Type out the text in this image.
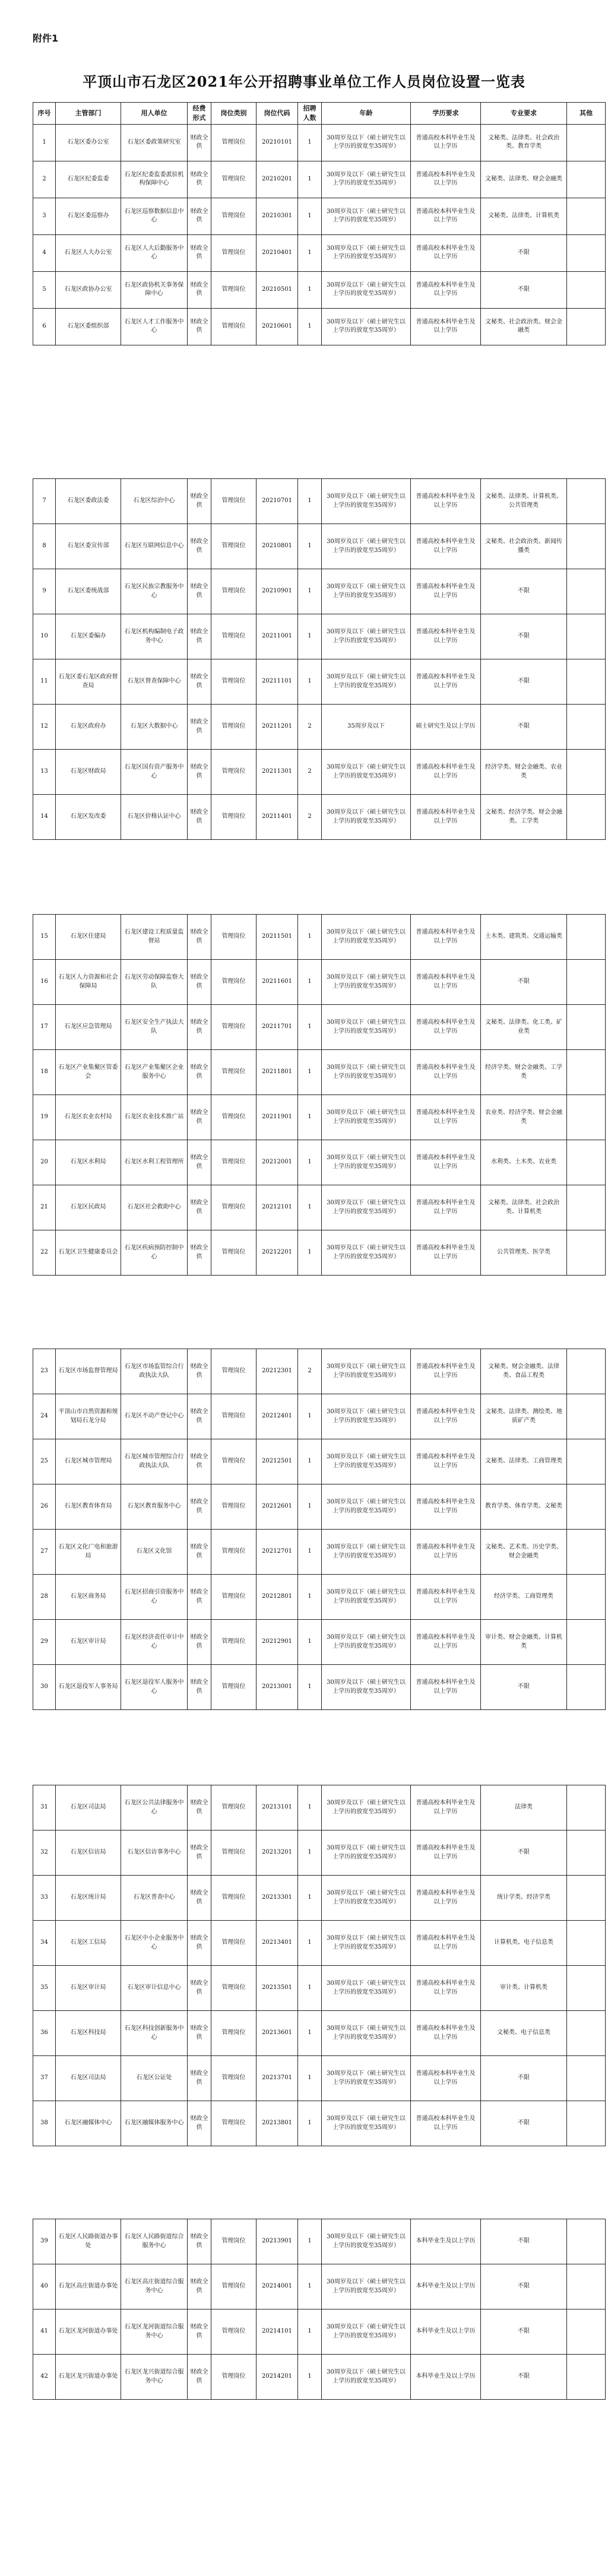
附件1
平顶山市石龙区2021年公开招聘事业单位工作人员岗位设置一览表
序号	主管部门	用人单位	经费形式	岗位类别	岗位代码	招聘人数	年龄	学历要求	专业要求	其他
1	石龙区委办公室	石龙区委政策研究室	财政全供	管理岗位	20210101	1	30周岁及以下（硕士研究生以上学历的放宽至35周岁）	普通高校本科毕业生及以上学历	文秘类、法律类、社会政治类、教育学类	
2	石龙区纪委监委	石龙区纪委监委派驻机构保障中心	财政全供	管理岗位	20210201	1	30周岁及以下（硕士研究生以上学历的放宽至35周岁）	普通高校本科毕业生及以上学历	文秘类、法律类、财会金融类	
3	石龙区委巡察办	石龙区巡察数据信息中心	财政全供	管理岗位	20210301	1	30周岁及以下（硕士研究生以上学历的放宽至35周岁）	普通高校本科毕业生及以上学历	文秘类、法律类、计算机类	
4	石龙区人大办公室	石龙区人大后勤服务中心	财政全供	管理岗位	20210401	1	30周岁及以下（硕士研究生以上学历的放宽至35周岁）	普通高校本科毕业生及以上学历	不限	
5	石龙区政协办公室	石龙区政协机关事务保障中心	财政全供	管理岗位	20210501	1	30周岁及以下（硕士研究生以上学历的放宽至35周岁）	普通高校本科毕业生及以上学历	不限	
6	石龙区委组织部	石龙区人才工作服务中心	财政全供	管理岗位	20210601	1	30周岁及以下（硕士研究生以上学历的放宽至35周岁）	普通高校本科毕业生及以上学历	文秘类、社会政治类、财会金融类	
7	石龙区委政法委	石龙区综治中心	财政全供	管理岗位	20210701	1	30周岁及以下（硕士研究生以上学历的放宽至35周岁）	普通高校本科毕业生及以上学历	文秘类、法律类、计算机类、公共管理类	
8	石龙区委宣传部	石龙区互联网信息中心	财政全供	管理岗位	20210801	1	30周岁及以下（硕士研究生以上学历的放宽至35周岁）	普通高校本科毕业生及以上学历	文秘类、社会政治类、新闻传播类	
9	石龙区委统战部	石龙区民族宗教服务中心	财政全供	管理岗位	20210901	1	30周岁及以下（硕士研究生以上学历的放宽至35周岁）	普通高校本科毕业生及以上学历	不限	
10	石龙区委编办	石龙区机构编制电子政务中心	财政全供	管理岗位	20211001	1	30周岁及以下（硕士研究生以上学历的放宽至35周岁）	普通高校本科毕业生及以上学历	不限	
11	石龙区委石龙区政府督查局	石龙区督查保障中心	财政全供	管理岗位	20211101	1	30周岁及以下（硕士研究生以上学历的放宽至35周岁）	普通高校本科毕业生及以上学历	不限	
12	石龙区政府办	石龙区大数据中心	财政全供	管理岗位	20211201	2	35周岁及以下	硕士研究生及以上学历	不限	
13	石龙区财政局	石龙区国有资产服务中心	财政全供	管理岗位	20211301	2	30周岁及以下（硕士研究生以上学历的放宽至35周岁）	普通高校本科毕业生及以上学历	经济学类、财会金融类、农业类	
14	石龙区发改委	石龙区价格认证中心	财政全供	管理岗位	20211401	2	30周岁及以下（硕士研究生以上学历的放宽至35周岁）	普通高校本科毕业生及以上学历	文秘类、经济学类、财会金融类、工学类	
15	石龙区住建局	石龙区建设工程质量监督站	财政全供	管理岗位	20211501	1	30周岁及以下（硕士研究生以上学历的放宽至35周岁）	普通高校本科毕业生及以上学历	土木类、建筑类、交通运输类	
16	石龙区人力资源和社会保障局	石龙区劳动保障监察大队	财政全供	管理岗位	20211601	1	30周岁及以下（硕士研究生以上学历的放宽至35周岁）	普通高校本科毕业生及以上学历	不限	
17	石龙区应急管理局	石龙区安全生产执法大队	财政全供	管理岗位	20211701	1	30周岁及以下（硕士研究生以上学历的放宽至35周岁）	普通高校本科毕业生及以上学历	文秘类、法律类、化工类、矿业类	
18	石龙区产业集聚区管委会	石龙区产业集聚区企业服务中心	财政全供	管理岗位	20211801	1	30周岁及以下（硕士研究生以上学历的放宽至35周岁）	普通高校本科毕业生及以上学历	经济学类、财会金融类、工学类	
19	石龙区农业农村局	石龙区农业技术推广站	财政全供	管理岗位	20211901	1	30周岁及以下（硕士研究生以上学历的放宽至35周岁）	普通高校本科毕业生及以上学历	农业类、经济学类、财会金融类	
20	石龙区水利局	石龙区水利工程管理所	财政全供	管理岗位	20212001	1	30周岁及以下（硕士研究生以上学历的放宽至35周岁）	普通高校本科毕业生及以上学历	水利类、土木类、农业类	
21	石龙区民政局	石龙区社会救助中心	财政全供	管理岗位	20212101	1	30周岁及以下（硕士研究生以上学历的放宽至35周岁）	普通高校本科毕业生及以上学历	文秘类、法律类、社会政治类、计算机类	
22	石龙区卫生健康委员会	石龙区疾病预防控制中心	财政全供	管理岗位	20212201	1	30周岁及以下（硕士研究生以上学历的放宽至35周岁）	普通高校本科毕业生及以上学历	公共管理类、医学类	
23	石龙区市场监督管理局	石龙区市场监管综合行政执法大队	财政全供	管理岗位	20212301	2	30周岁及以下（硕士研究生以上学历的放宽至35周岁）	普通高校本科毕业生及以上学历	文秘类、财会金融类、法律类、食品工程类	
24	平顶山市自然资源和规划局石龙分局	石龙区不动产登记中心	财政全供	管理岗位	20212401	1	30周岁及以下（硕士研究生以上学历的放宽至35周岁）	普通高校本科毕业生及以上学历	文秘类、法律类、测绘类、地质矿产类	
25	石龙区城市管理局	石龙区城市管理综合行政执法大队	财政全供	管理岗位	20212501	1	30周岁及以下（硕士研究生以上学历的放宽至35周岁）	普通高校本科毕业生及以上学历	文秘类、法律类、工商管理类	
26	石龙区教育体育局	石龙区教育服务中心	财政全供	管理岗位	20212601	1	30周岁及以下（硕士研究生以上学历的放宽至35周岁）	普通高校本科毕业生及以上学历	教育学类、体育学类、文秘类	
27	石龙区文化广电和旅游局	石龙区文化馆	财政全供	管理岗位	20212701	1	30周岁及以下（硕士研究生以上学历的放宽至35周岁）	普通高校本科毕业生及以上学历	文秘类、艺术类、历史学类、财会金融类	
28	石龙区商务局	石龙区招商引资服务中心	财政全供	管理岗位	20212801	1	30周岁及以下（硕士研究生以上学历的放宽至35周岁）	普通高校本科毕业生及以上学历	经济学类、工商管理类	
29	石龙区审计局	石龙区经济责任审计中心	财政全供	管理岗位	20212901	1	30周岁及以下（硕士研究生以上学历的放宽至35周岁）	普通高校本科毕业生及以上学历	审计类、财会金融类、计算机类	
30	石龙区退役军人事务局	石龙区退役军人服务中心	财政全供	管理岗位	20213001	1	30周岁及以下（硕士研究生以上学历的放宽至35周岁）	普通高校本科毕业生及以上学历	不限	
31	石龙区司法局	石龙区公共法律服务中心	财政全供	管理岗位	20213101	1	30周岁及以下（硕士研究生以上学历的放宽至35周岁）	普通高校本科毕业生及以上学历	法律类	
32	石龙区信访局	石龙区信访事务中心	财政全供	管理岗位	20213201	1	30周岁及以下（硕士研究生以上学历的放宽至35周岁）	普通高校本科毕业生及以上学历	不限	
33	石龙区统计局	石龙区普查中心	财政全供	管理岗位	20213301	1	30周岁及以下（硕士研究生以上学历的放宽至35周岁）	普通高校本科毕业生及以上学历	统计学类、经济学类	
34	石龙区工信局	石龙区中小企业服务中心	财政全供	管理岗位	20213401	1	30周岁及以下（硕士研究生以上学历的放宽至35周岁）	普通高校本科毕业生及以上学历	计算机类、电子信息类	
35	石龙区审计局	石龙区审计信息中心	财政全供	管理岗位	20213501	1	30周岁及以下（硕士研究生以上学历的放宽至35周岁）	普通高校本科毕业生及以上学历	审计类、计算机类	
36	石龙区科技局	石龙区科技创新服务中心	财政全供	管理岗位	20213601	1	30周岁及以下（硕士研究生以上学历的放宽至35周岁）	普通高校本科毕业生及以上学历	文秘类、电子信息类	
37	石龙区司法局	石龙区公证处	财政全供	管理岗位	20213701	1	30周岁及以下（硕士研究生以上学历的放宽至35周岁）	普通高校本科毕业生及以上学历	不限	
38	石龙区融媒体中心	石龙区融媒体服务中心	财政全供	管理岗位	20213801	1	30周岁及以下（硕士研究生以上学历的放宽至35周岁）	普通高校本科毕业生及以上学历	不限	
39	石龙区人民路街道办事处	石龙区人民路街道综合服务中心	财政全供	管理岗位	20213901	1	30周岁及以下（硕士研究生以上学历的放宽至35周岁）	本科毕业生及以上学历	不限	
40	石龙区高庄街道办事处	石龙区高庄街道综合服务中心	财政全供	管理岗位	20214001	1	30周岁及以下（硕士研究生以上学历的放宽至35周岁）	本科毕业生及以上学历	不限	
41	石龙区龙河街道办事处	石龙区龙河街道综合服务中心	财政全供	管理岗位	20214101	1	30周岁及以下（硕士研究生以上学历的放宽至35周岁）	本科毕业生及以上学历	不限	
42	石龙区龙兴街道办事处	石龙区龙兴街道综合服务中心	财政全供	管理岗位	20214201	1	30周岁及以下（硕士研究生以上学历的放宽至35周岁）	本科毕业生及以上学历	不限	
